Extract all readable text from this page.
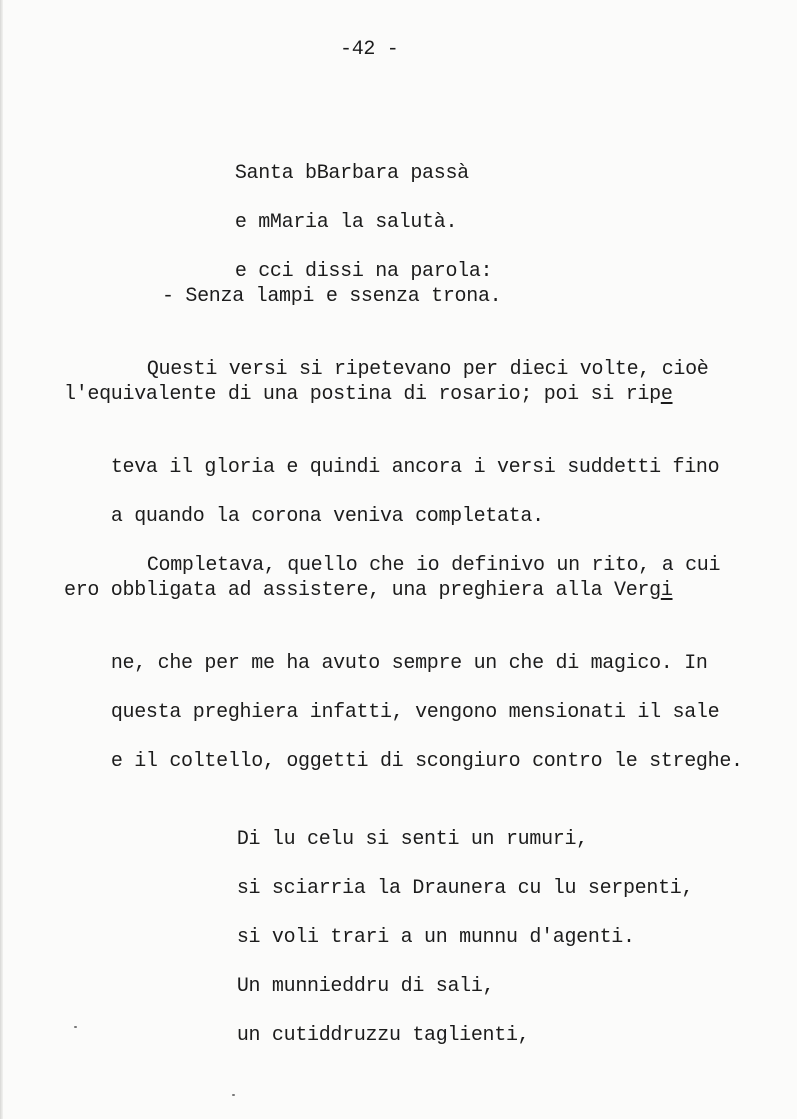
-42 -

Santa bBarbara passà

e mMaria la salutà.

e cci dissi na parola:

- Senza lampi e ssenza trona.

Questi versi si ripetevano per dieci volte, cioè

l'equivalente di una postina di rosario; poi si ripe

teva il gloria e quindi ancora i versi suddetti fino

a quando la corona veniva completata.

Completava, quello che io definivo un rito, a cui

ero obbligata ad assistere, una preghiera alla Vergi

ne, che per me ha avuto sempre un che di magico. In

questa preghiera infatti, vengono mensionati il sale

e il coltello, oggetti di scongiuro contro le streghe.

Di lu celu si senti un rumuri,

si sciarria la Draunera cu lu serpenti,

si voli trari a un munnu d'agenti.

Un munnieddru di sali,

un cutiddruzzu taglienti,
